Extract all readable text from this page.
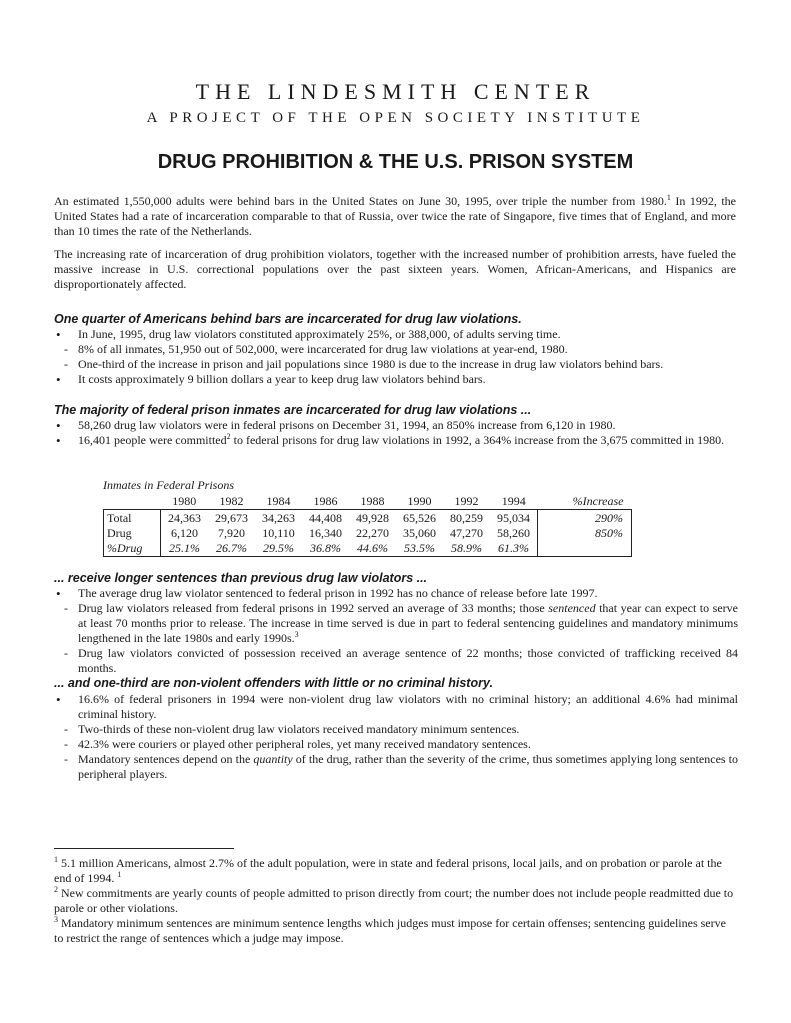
THE LINDESMITH CENTER
A PROJECT OF THE OPEN SOCIETY INSTITUTE
DRUG PROHIBITION & THE U.S. PRISON SYSTEM

An estimated 1,550,000 adults were behind bars in the United States on June 30, 1995, over triple the number from 1980.$^1$ In 1992, the United States had a rate of incarceration comparable to that of Russia, over twice the rate of Singapore, five times that of England, and more than 10 times the rate of the Netherlands.

The increasing rate of incarceration of drug prohibition violators, together with the increased number of prohibition arrests, have fueled the massive increase in U.S. correctional populations over the past sixteen years. Women, African-Americans, and Hispanics are disproportionately affected.

One quarter of Americans behind bars are incarcerated for drug law violations.
• In June, 1995, drug law violators constituted approximately 25%, or 388,000, of adults serving time.
- 8% of all inmates, 51,950 out of 502,000, were incarcerated for drug law violations at year-end, 1980.
- One-third of the increase in prison and jail populations since 1980 is due to the increase in drug law violators behind bars.
• It costs approximately 9 billion dollars a year to keep drug law violators behind bars.
The majority of federal prison inmates are incarcerated for drug law violations ...
• 58,260 drug law violators were in federal prisons on December 31, 1994, an 850% increase from 6,120 in 1980.
• 16,401 people were committed$^2$ to federal prisons for drug law violations in 1992, a 364% increase from the 3,675 committed in 1980.
Inmates in Federal Prisons
	1980	1982	1984	1986	1988	1990	1992	1994	%Increase
Total	24,363	29,673	34,263	44,408	49,928	65,526	80,259	95,034	290%
Drug	6,120	7,920	10,110	16,340	22,270	35,060	47,270	58,260	850%
%Drug	25.1%	26.7%	29.5%	36.8%	44.6%	53.5%	58.9%	61.3%	
... receive longer sentences than previous drug law violators ...
• The average drug law violator sentenced to federal prison in 1992 has no chance of release before late 1997.
- Drug law violators released from federal prisons in 1992 served an average of 33 months; those sentenced that year can expect to serve at least 70 months prior to release. The increase in time served is due in part to federal sentencing guidelines and mandatory minimums lengthened in the late 1980s and early 1990s.$^3$
- Drug law violators convicted of possession received an average sentence of 22 months; those convicted of trafficking received 84 months.
... and one-third are non-violent offenders with little or no criminal history.
• 16.6% of federal prisoners in 1994 were non-violent drug law violators with no criminal history; an additional 4.6% had minimal criminal history.
- Two-thirds of these non-violent drug law violators received mandatory minimum sentences.
- 42.3% were couriers or played other peripheral roles, yet many received mandatory sentences.
- Mandatory sentences depend on the quantity of the drug, rather than the severity of the crime, thus sometimes applying long sentences to peripheral players.

$^1$ 5.1 million Americans, almost 2.7% of the adult population, were in state and federal prisons, local jails, and on probation or parole at the end of 1994. $^1$

$^2$ New commitments are yearly counts of people admitted to prison directly from court; the number does not include people readmitted due to parole or other violations.

$^3$ Mandatory minimum sentences are minimum sentence lengths which judges must impose for certain offenses; sentencing guidelines serve to restrict the range of sentences which a judge may impose.
